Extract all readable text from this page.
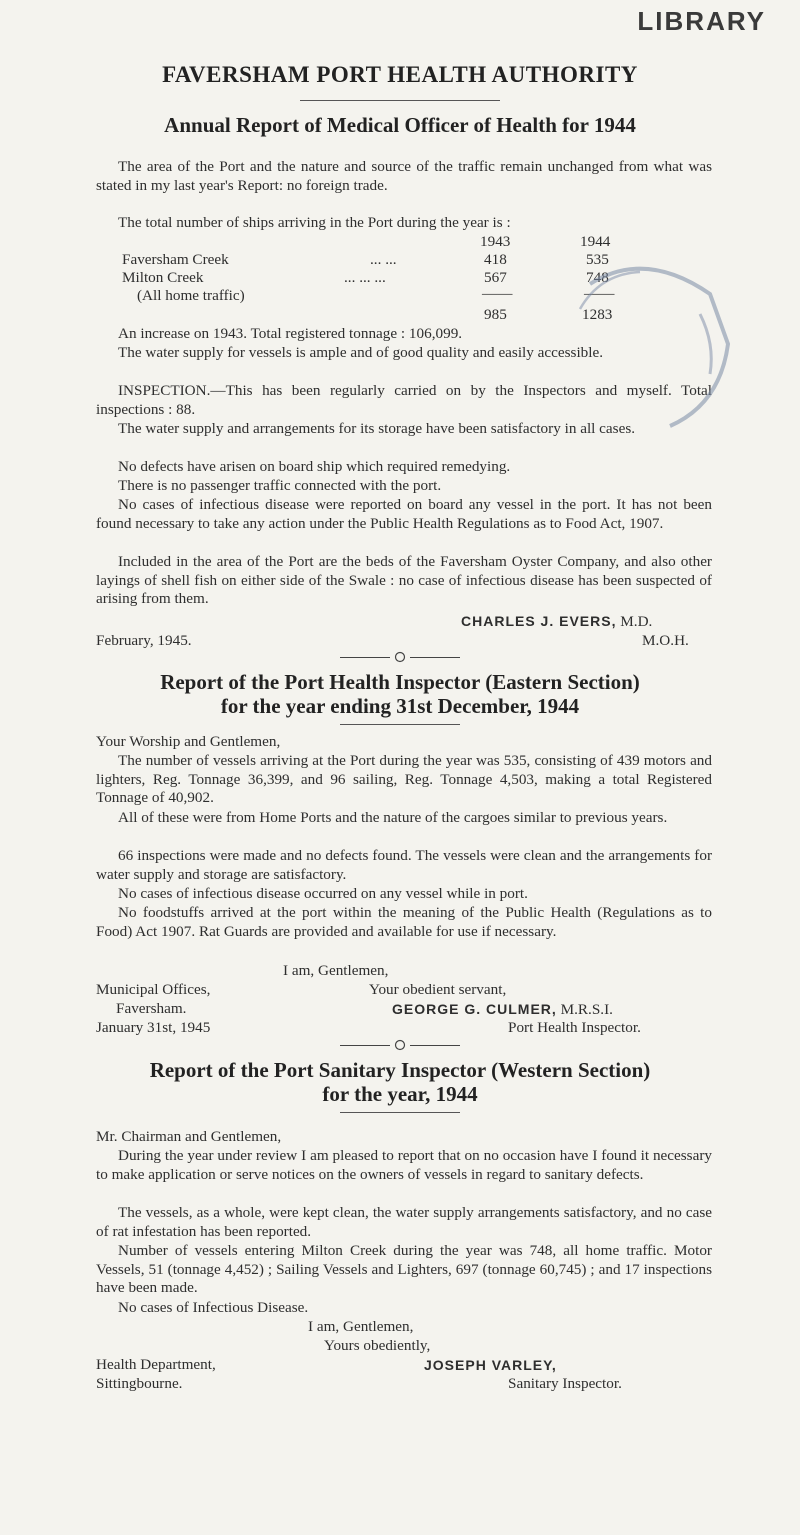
LIBRARY
FAVERSHAM PORT HEALTH AUTHORITY
Annual Report of Medical Officer of Health for 1944

The area of the Port and the nature and source of the traffic remain unchanged from what was stated in my last year's Report: no foreign trade.

The total number of ships arriving in the Port during the year is :
1943	1944
Faversham Creek	... ...	418	535
Milton Creek	... ... ...	567	748
(All home traffic)	——	——
985	1283

An increase on 1943. Total registered tonnage : 106,099.

The water supply for vessels is ample and of good quality and easily accessible.

INSPECTION.—This has been regularly carried on by the Inspectors and myself. Total inspections : 88.

The water supply and arrangements for its storage have been satisfactory in all cases.

No defects have arisen on board ship which required remedying.

There is no passenger traffic connected with the port.

No cases of infectious disease were reported on board any vessel in the port. It has not been found necessary to take any action under the Public Health Regulations as to Food Act, 1907.

Included in the area of the Port are the beds of the Faversham Oyster Company, and also other layings of shell fish on either side of the Swale : no case of infectious disease has been suspected of arising from them.

CHARLES J. EVERS, M.D.
February, 1945.	M.O.H.
Report of the Port Health Inspector (Eastern Section)
for the year ending 31st December, 1944
Your Worship and Gentlemen,

The number of vessels arriving at the Port during the year was 535, consisting of 439 motors and lighters, Reg. Tonnage 36,399, and 96 sailing, Reg. Tonnage 4,503, making a total Registered Tonnage of 40,902.

All of these were from Home Ports and the nature of the cargoes similar to previous years.

66 inspections were made and no defects found. The vessels were clean and the arrangements for water supply and storage are satisfactory.

No cases of infectious disease occurred on any vessel while in port.

No foodstuffs arrived at the port within the meaning of the Public Health (Regulations as to Food) Act 1907. Rat Guards are provided and available for use if necessary.

I am, Gentlemen,
Municipal Offices,	Your obedient servant,
Faversham.	GEORGE G. CULMER, M.R.S.I.
January 31st, 1945	Port Health Inspector.
Report of the Port Sanitary Inspector (Western Section)
for the year, 1944
Mr. Chairman and Gentlemen,

During the year under review I am pleased to report that on no occasion have I found it necessary to make application or serve notices on the owners of vessels in regard to sanitary defects.

The vessels, as a whole, were kept clean, the water supply arrangements satisfactory, and no case of rat infestation has been reported.

Number of vessels entering Milton Creek during the year was 748, all home traffic. Motor Vessels, 51 (tonnage 4,452) ; Sailing Vessels and Lighters, 697 (tonnage 60,745) ; and 17 inspections have been made.

No cases of Infectious Disease.

I am, Gentlemen,
Yours obediently,
Health Department,	JOSEPH VARLEY,
Sittingbourne.	Sanitary Inspector.
